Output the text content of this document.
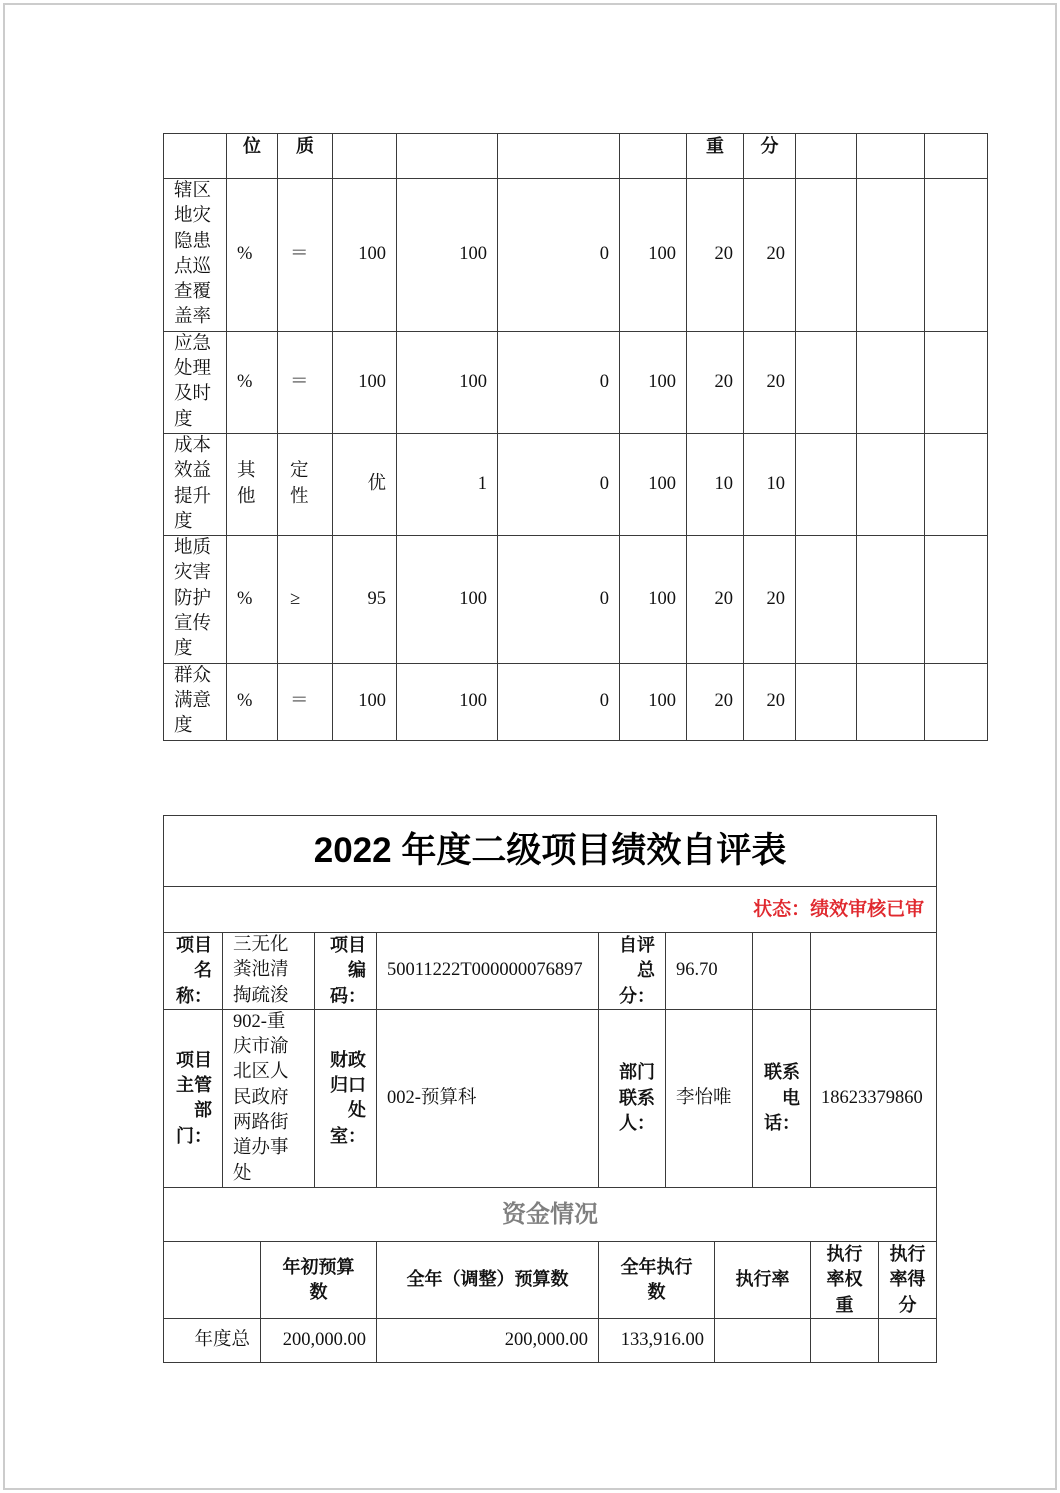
	位	质					重	分			
辖区地灾隐患点巡查覆盖率	%	＝	100	100	0	100	20	20			
应急处理及时度	%	＝	100	100	0	100	20	20			
成本效益提升度	其他	定性	优	1	0	100	10	10			
地质灾害防护宣传度	%	≥	95	100	0	100	20	20			
群众满意度	%	＝	100	100	0	100	20	20			
2022 年度二级项目绩效自评表										
状态：绩效审核已审										
项目名称：	三无化粪池清掏疏浚		项目编码：	50011222T000000076897	自评总分：	96.70				
项目主管部门：	902-重庆市渝北区人民政府两路街道办事处		财政归口处室：	002-预算科	部门联系人：	李怡唯		联系电话：	18623379860	
资金情况										
		年初预算数		全年（调整）预算数	全年执行数		执行率		执行率权重	执行率得分
年度总		200,000.00		200,000.00	133,916.00					
